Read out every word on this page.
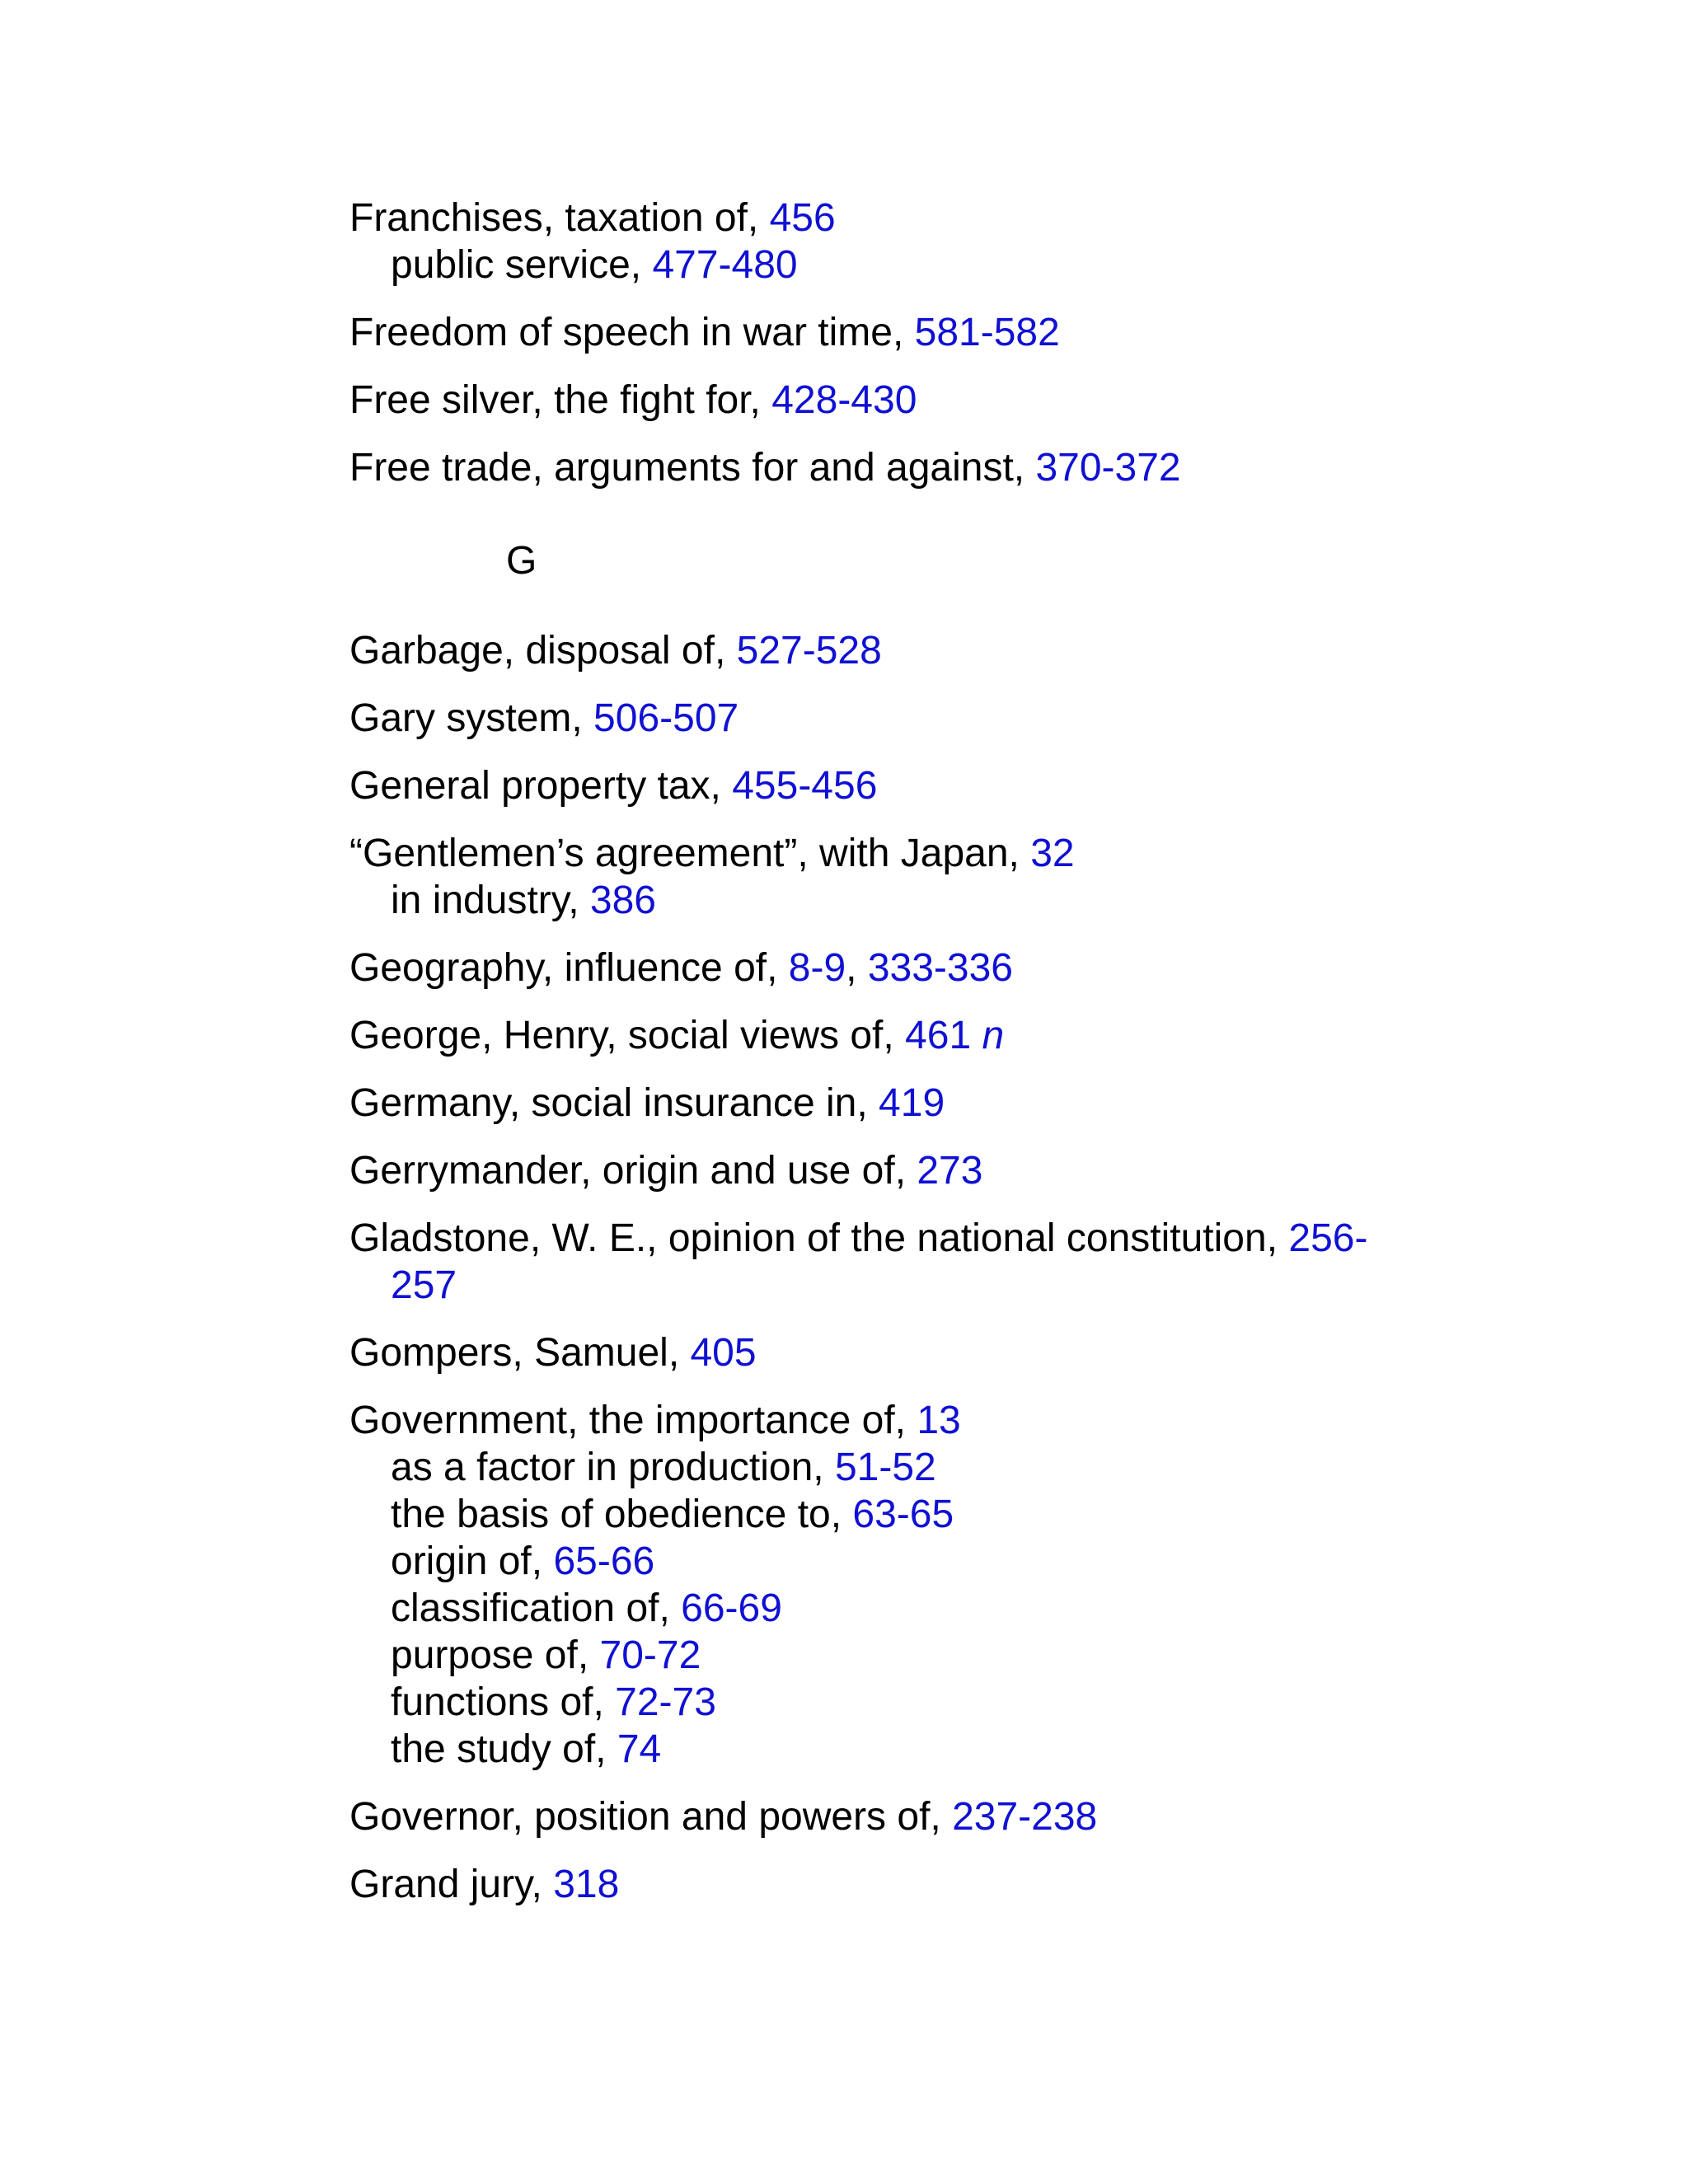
Franchises, taxation of, 456
public service, 477-480
Freedom of speech in war time, 581-582
Free silver, the fight for, 428-430
Free trade, arguments for and against, 370-372
G
Garbage, disposal of, 527-528
Gary system, 506-507
General property tax, 455-456
“Gentlemen’s agreement”, with Japan, 32
in industry, 386
Geography, influence of, 8-9, 333-336
George, Henry, social views of, 461 n
Germany, social insurance in, 419
Gerrymander, origin and use of, 273
Gladstone, W. E., opinion of the national constitution, 256-
257
Gompers, Samuel, 405
Government, the importance of, 13
as a factor in production, 51-52
the basis of obedience to, 63-65
origin of, 65-66
classification of, 66-69
purpose of, 70-72
functions of, 72-73
the study of, 74
Governor, position and powers of, 237-238
Grand jury, 318
